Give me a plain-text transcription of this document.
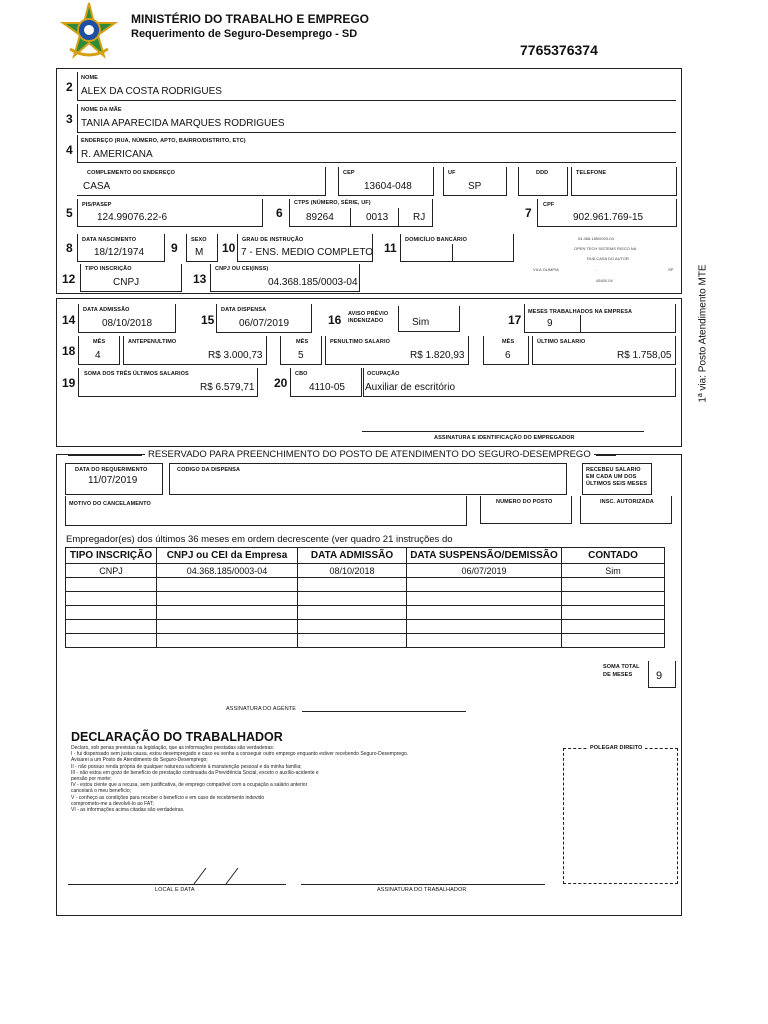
MINISTÉRIO DO TRABALHO E EMPREGO
Requerimento de Seguro-Desemprego - SD
7765376374
1ª via: Posto Atendimento MTE
2
NOME
ALEX DA COSTA RODRIGUES
3
NOME DA MÃE
TANIA APARECIDA MARQUES RODRIGUES
4
ENDEREÇO (RUA, NÚMERO, APTO, BAIRRO/DISTRITO, ETC)
R. AMERICANA
COMPLEMENTO DO ENDEREÇO
CASA
CEP
13604-048
UF
SP
DDD	TELEFONE
5
PIS/PASEP
124.99076.22-6	6
CTPS (NÚMERO, SÉRIE, UF)
89264	0013 RJ	7
CPF
902.961.769-15
8
DATA NASCIMENTO
18/12/1974 9
SEXO
M 10
GRAU DE INSTRUÇÃO
7 - ENS. MEDIO COMPLETO 11
DOMICÍLIO BANCÁRIO	04.368.185/0003-04
OPEN TECH SISTEMS RISCO NA
RUA CASA DO AUTOR
VILA OLIMPIA	-	SP
45400 04
12
TIPO INSCRIÇÃO
CNPJ	13
CNPJ OU CEI(INSS)
04.368.185/0003-04
14
DATA ADMISSÃO
08/10/2018	15
DATA DISPENSA
06/07/2019	16 AVISO PRÉVIO INDENIZADO	Sim	17
MESES TRABALHADOS NA EMPRESA
9
18
MÊS
4
ANTEPENULTIMO
R$ 3.000,73
MÊS
5
PENULTIMO SALARIO
R$ 1.820,93
MÊS
6
ÚLTIMO SALARIO
R$ 1.758,05
19
SOMA DOS TRÊS ÚLTIMOS SALARIOS
R$ 6.579,71 20
CBO
4110-05
OCUPAÇÃO
Auxiliar de escritório
ASSINATURA E IDENTIFICAÇÃO DO EMPREGADOR
RESERVADO PARA PREENCHIMENTO DO POSTO DE ATENDIMENTO DO SEGURO-DESEMPREGO
DATA DO REQUERIMENTO
11/07/2019
CODIGO DA DISPENSA	RECEBEU SALARIO EM CADA UM DOS ÚLTIMOS SEIS MESES
MOTIVO DO CANCELAMENTO	NUMERO DO POSTO	INSC. AUTORIZADA
Empregador(es) dos últimos 36 meses em ordem decrescente (ver quadro 21 instruções do
TIPO INSCRIÇÃO	CNPJ ou CEI da Empresa	DATA ADMISSÃO	DATA SUSPENSÃO/DEMISSÃO	CONTADO
CNPJ	04.368.185/0003-04	08/10/2018	06/07/2019	Sim

SOMA TOTAL DE MESES	9
ASSINATURA DO AGENTE
DECLARAÇÃO DO TRABALHADOR
Declaro, sob penas previstas na legislação, que as informações prestadas são verdadeiras:
I - fui dispensado sem justa causa, estou desempregado e caso eu venha a conseguir outro emprego enquanto estiver recebendo Seguro-Desemprego.
Avisarei a um Posto de Atendimento do Seguro-Desemprego;
II - não possuo renda própria de qualquer natureza suficiente à manutenção pessoal e da minha família;
III - não estou em gozo de benefício de prestação continuada da Previdência Social, exceto o auxílio-acidente e
pensão por morte;
IV - estou ciente que a recusa, sem justificativa, de emprego compatível com a ocupação a salário anterior
cancelará o meu benefício;
V - conheço as condições para receber o benefício e em caso de recebimento indevido
comprometo-me a devolvê-lo ao FAT;
VI - as informações acima citadas são verdadeiras.
POLEGAR DIREITO
LOCAL E DATA	ASSINATURA DO TRABALHADOR
